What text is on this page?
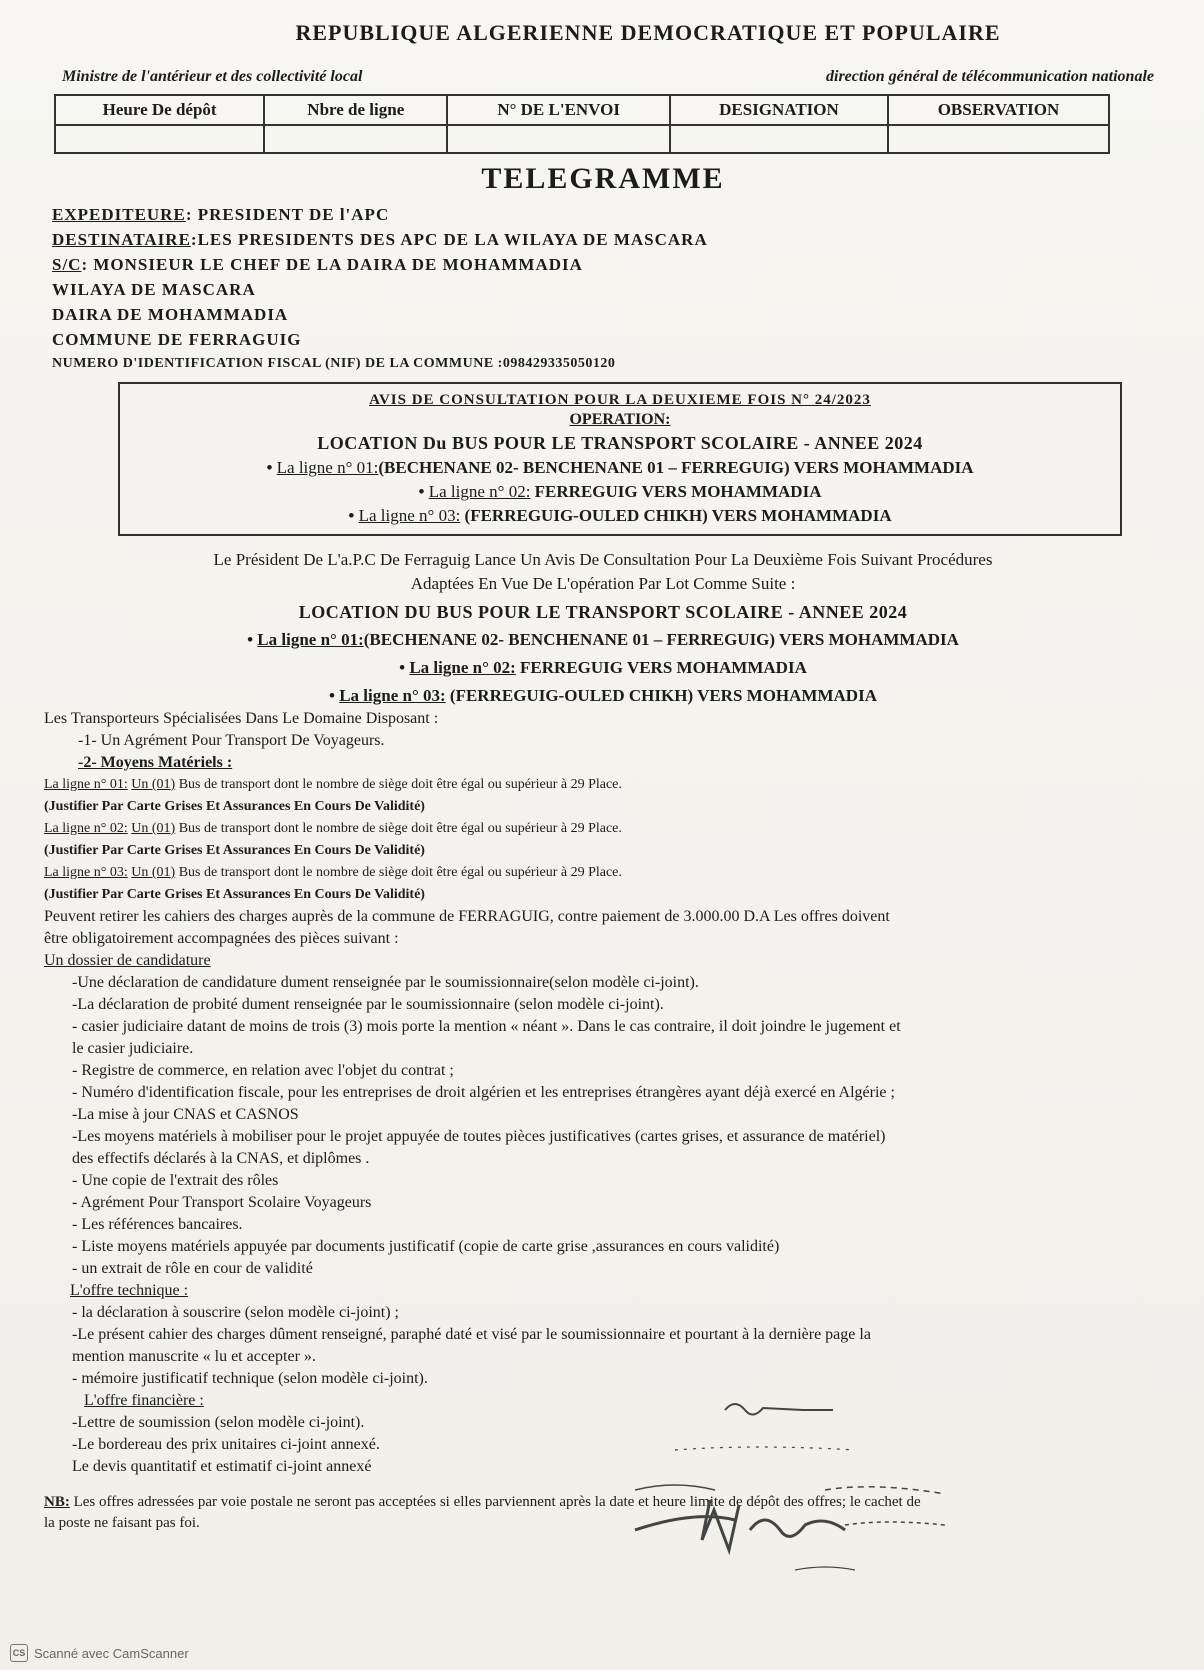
REPUBLIQUE ALGERIENNE DEMOCRATIQUE ET POPULAIRE
Ministre de l'antérieur et des collectivité local	direction général de télécommunication nationale
Heure De dépôt	Nbre de ligne	N° DE L'ENVOI	DESIGNATION	OBSERVATION

TELEGRAMME
EXPEDITEURE: PRESIDENT DE l'APC
DESTINATAIRE:LES PRESIDENTS DES APC DE LA WILAYA DE MASCARA
S/C: MONSIEUR LE CHEF DE LA DAIRA DE MOHAMMADIA
WILAYA DE MASCARA
DAIRA DE MOHAMMADIA
COMMUNE DE FERRAGUIG
NUMERO D'IDENTIFICATION FISCAL (NIF) DE LA COMMUNE :098429335050120
AVIS DE CONSULTATION POUR LA DEUXIEME FOIS N° 24/2023
OPERATION:
LOCATION Du BUS POUR LE TRANSPORT SCOLAIRE - ANNEE 2024
• La ligne n° 01:(BECHENANE 02- BENCHENANE 01 – FERREGUIG) VERS MOHAMMADIA
• La ligne n° 02: FERREGUIG VERS MOHAMMADIA
• La ligne n° 03: (FERREGUIG-OULED CHIKH) VERS MOHAMMADIA
Le Président De L'a.P.C De Ferraguig Lance Un Avis De Consultation Pour La Deuxième Fois Suivant Procédures
Adaptées En Vue De L'opération Par Lot Comme Suite :
LOCATION DU BUS POUR LE TRANSPORT SCOLAIRE - ANNEE 2024
• La ligne n° 01:(BECHENANE 02- BENCHENANE 01 – FERREGUIG) VERS MOHAMMADIA
• La ligne n° 02: FERREGUIG VERS MOHAMMADIA
• La ligne n° 03: (FERREGUIG-OULED CHIKH) VERS MOHAMMADIA
Les Transporteurs Spécialisées Dans Le Domaine Disposant :
-1- Un Agrément Pour Transport De Voyageurs.
-2- Moyens Matériels :
La ligne n° 01: Un (01) Bus de transport dont le nombre de siège doit être égal ou supérieur à 29 Place.
(Justifier Par Carte Grises Et Assurances En Cours De Validité)
La ligne n° 02: Un (01) Bus de transport dont le nombre de siège doit être égal ou supérieur à 29 Place.
(Justifier Par Carte Grises Et Assurances En Cours De Validité)
La ligne n° 03: Un (01) Bus de transport dont le nombre de siège doit être égal ou supérieur à 29 Place.
(Justifier Par Carte Grises Et Assurances En Cours De Validité)
Peuvent retirer les cahiers des charges auprès de la commune de FERRAGUIG, contre paiement de 3.000.00 D.A Les offres doivent
être obligatoirement accompagnées des pièces suivant :
Un dossier de candidature
-Une déclaration de candidature dument renseignée par le soumissionnaire(selon modèle ci-joint).
-La déclaration de probité dument renseignée par le soumissionnaire (selon modèle ci-joint).
- casier judiciaire datant de moins de trois (3) mois porte la mention « néant ». Dans le cas contraire, il doit joindre le jugement et
le casier judiciaire.
- Registre de commerce, en relation avec l'objet du contrat ;
- Numéro d'identification fiscale, pour les entreprises de droit algérien et les entreprises étrangères ayant déjà exercé en Algérie ;
-La mise à jour CNAS et CASNOS
-Les moyens matériels à mobiliser pour le projet appuyée de toutes pièces justificatives (cartes grises, et assurance de matériel)
des effectifs déclarés à la CNAS, et diplômes .
- Une copie de l'extrait des rôles
- Agrément Pour Transport Scolaire Voyageurs
- Les références bancaires.
- Liste moyens matériels appuyée par documents justificatif (copie de carte grise ,assurances en cours validité)
- un extrait de rôle en cour de validité
L'offre technique :
- la déclaration à souscrire (selon modèle ci-joint) ;
-Le présent cahier des charges dûment renseigné, paraphé daté et visé par le soumissionnaire et pourtant à la dernière page la
mention manuscrite « lu et accepter ».
- mémoire justificatif technique (selon modèle ci-joint).
L'offre financière :
-Lettre de soumission (selon modèle ci-joint).
-Le bordereau des prix unitaires ci-joint annexé.
Le devis quantitatif et estimatif ci-joint annexé
NB: Les offres adressées par voie postale ne seront pas acceptées si elles parviennent après la date et heure limite de dépôt des offres; le cachet de
la poste ne faisant pas foi.
CS Scanné avec CamScanner
